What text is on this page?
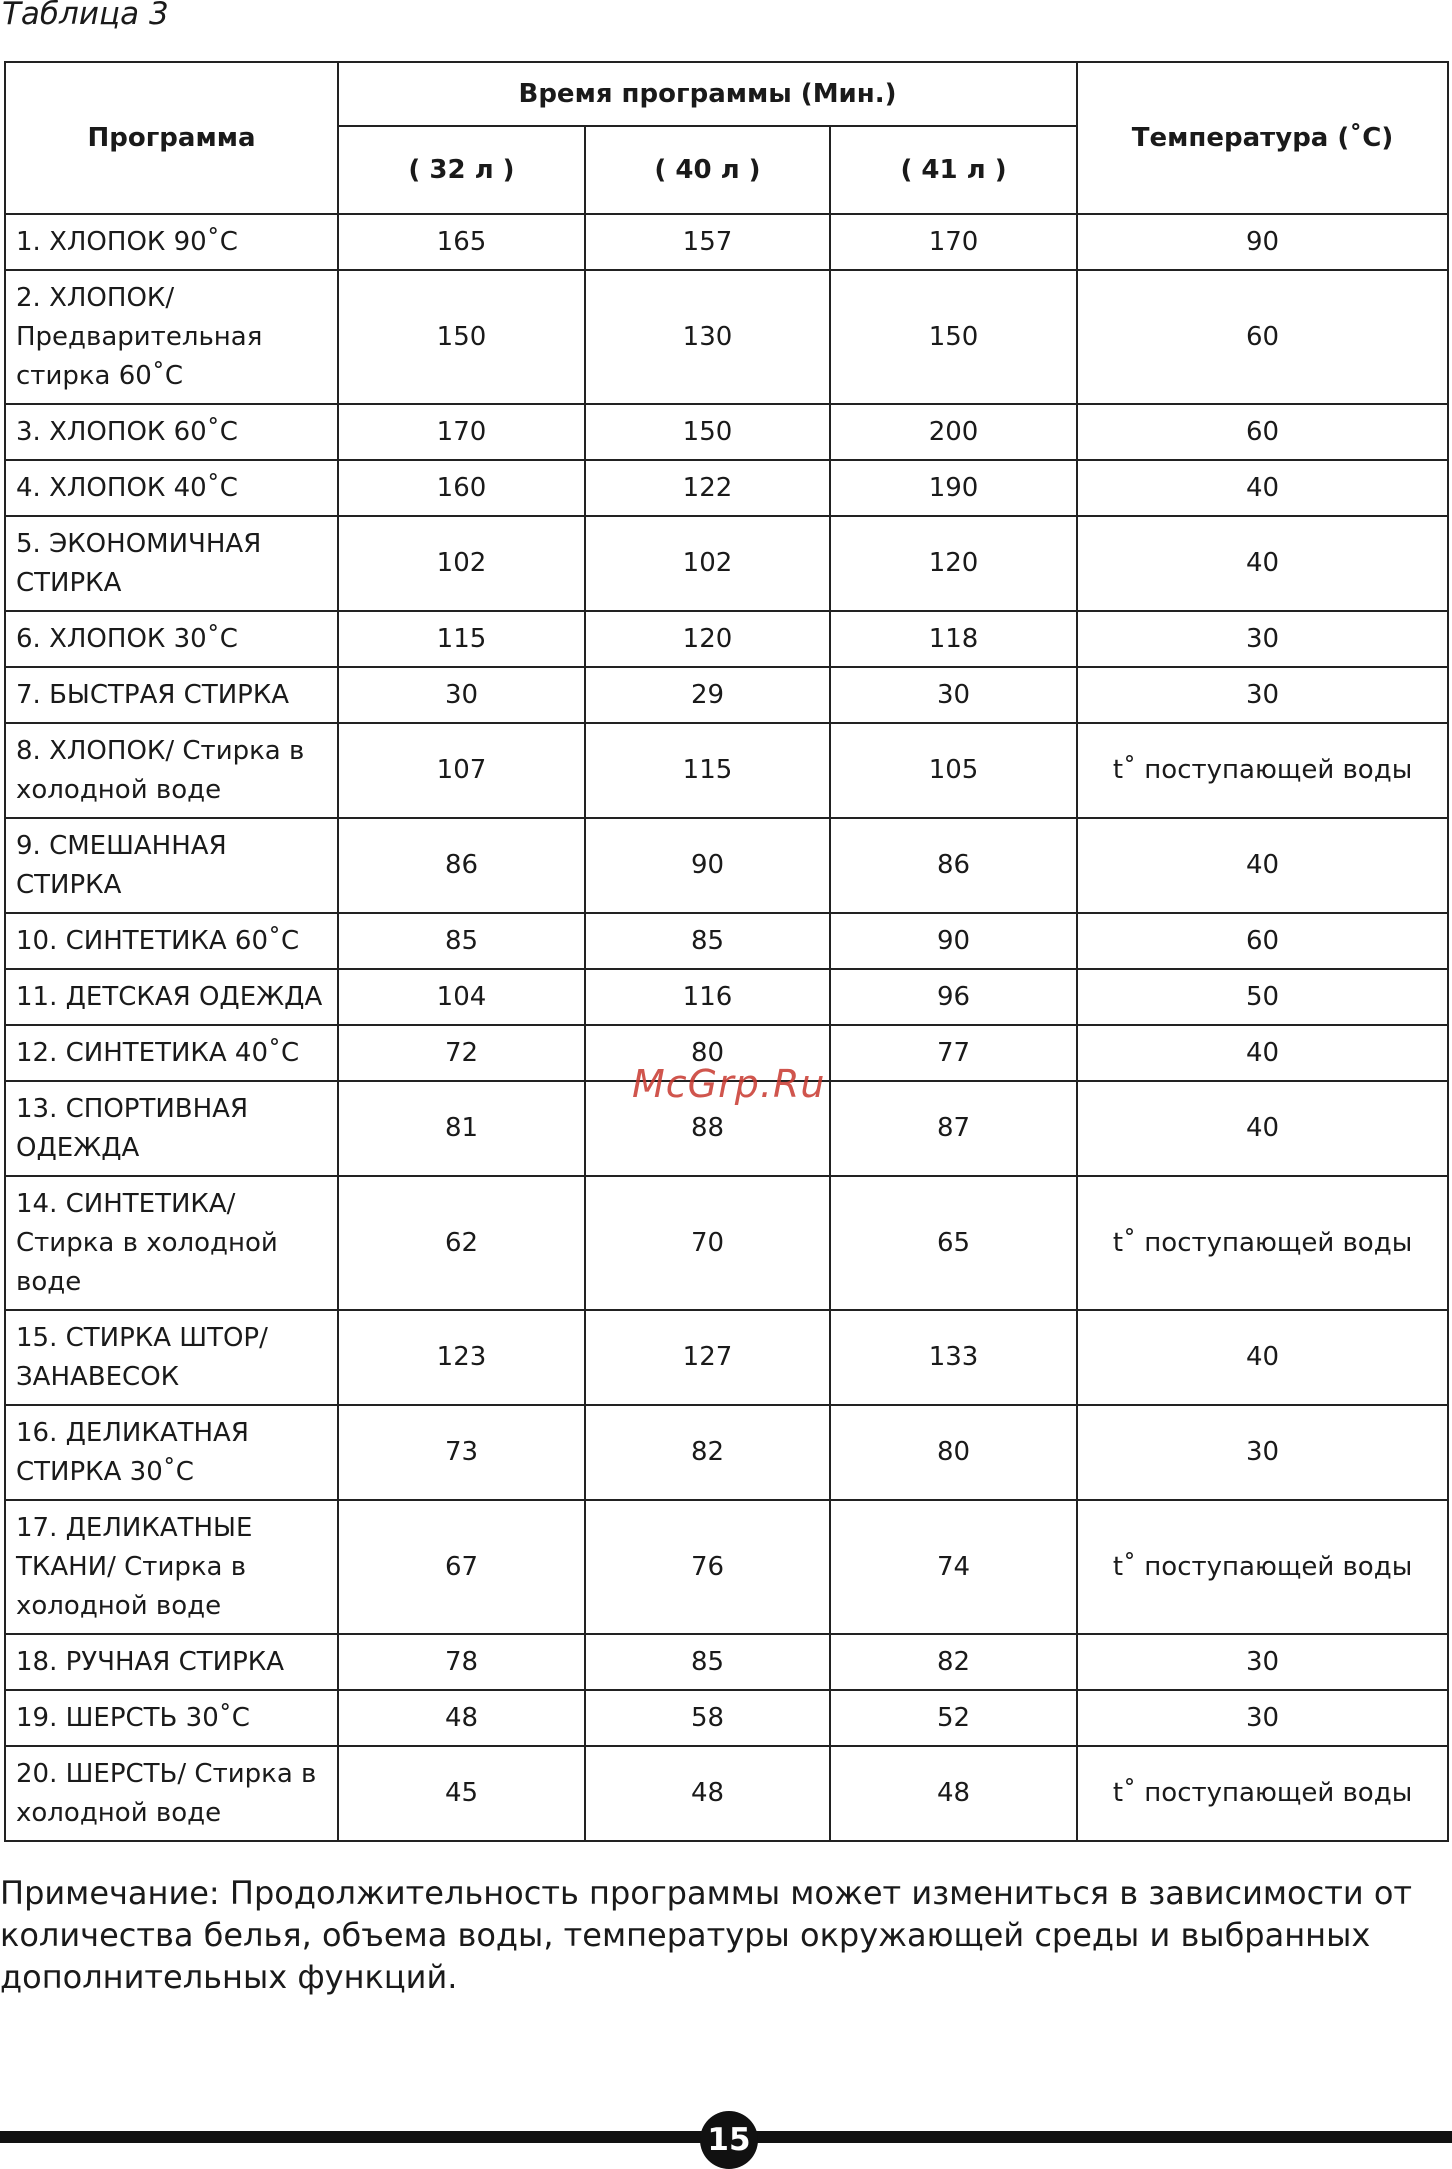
Таблица 3
Программа	Время программы (Мин.)			Температура (˚C)
	( 32 л )	( 40 л )	( 41 л )	
1. ХЛОПОК 90˚C	165	157	170	90
2. ХЛОПОК/ Предварительная стирка 60˚C	150	130	150	60
3. ХЛОПОК 60˚C	170	150	200	60
4. ХЛОПОК 40˚C	160	122	190	40
5. ЭКОНОМИЧНАЯ СТИРКА	102	102	120	40
6. ХЛОПОК 30˚C	115	120	118	30
7. БЫСТРАЯ СТИРКА	30	29	30	30
8. ХЛОПОК/ Стирка в холодной воде	107	115	105	t˚ поступающей воды
9. СМЕШАННАЯ СТИРКА	86	90	86	40
10. СИНТЕТИКА 60˚C	85	85	90	60
11. ДЕТСКАЯ ОДЕЖДА	104	116	96	50
12. СИНТЕТИКА 40˚C	72	80	77	40
13. СПОРТИВНАЯ ОДЕЖДА	81	88	87	40
14. СИНТЕТИКА/ Стирка в холодной воде	62	70	65	t˚ поступающей воды
15. СТИРКА ШТОР/ ЗАНАВЕСОК	123	127	133	40
16. ДЕЛИКАТНАЯ СТИРКА 30˚C	73	82	80	30
17. ДЕЛИКАТНЫЕ ТКАНИ/ Стирка в холодной воде	67	76	74	t˚ поступающей воды
18. РУЧНАЯ СТИРКА	78	85	82	30
19. ШЕРСТЬ 30˚C	48	58	52	30
20. ШЕРСТЬ/ Стирка в холодной воде	45	48	48	t˚ поступающей воды
McGrp.Ru
Примечание: Продолжительность программы может измениться в зависимости от количества белья, объема воды, температуры окружающей среды и выбранных дополнительных функций.
15
